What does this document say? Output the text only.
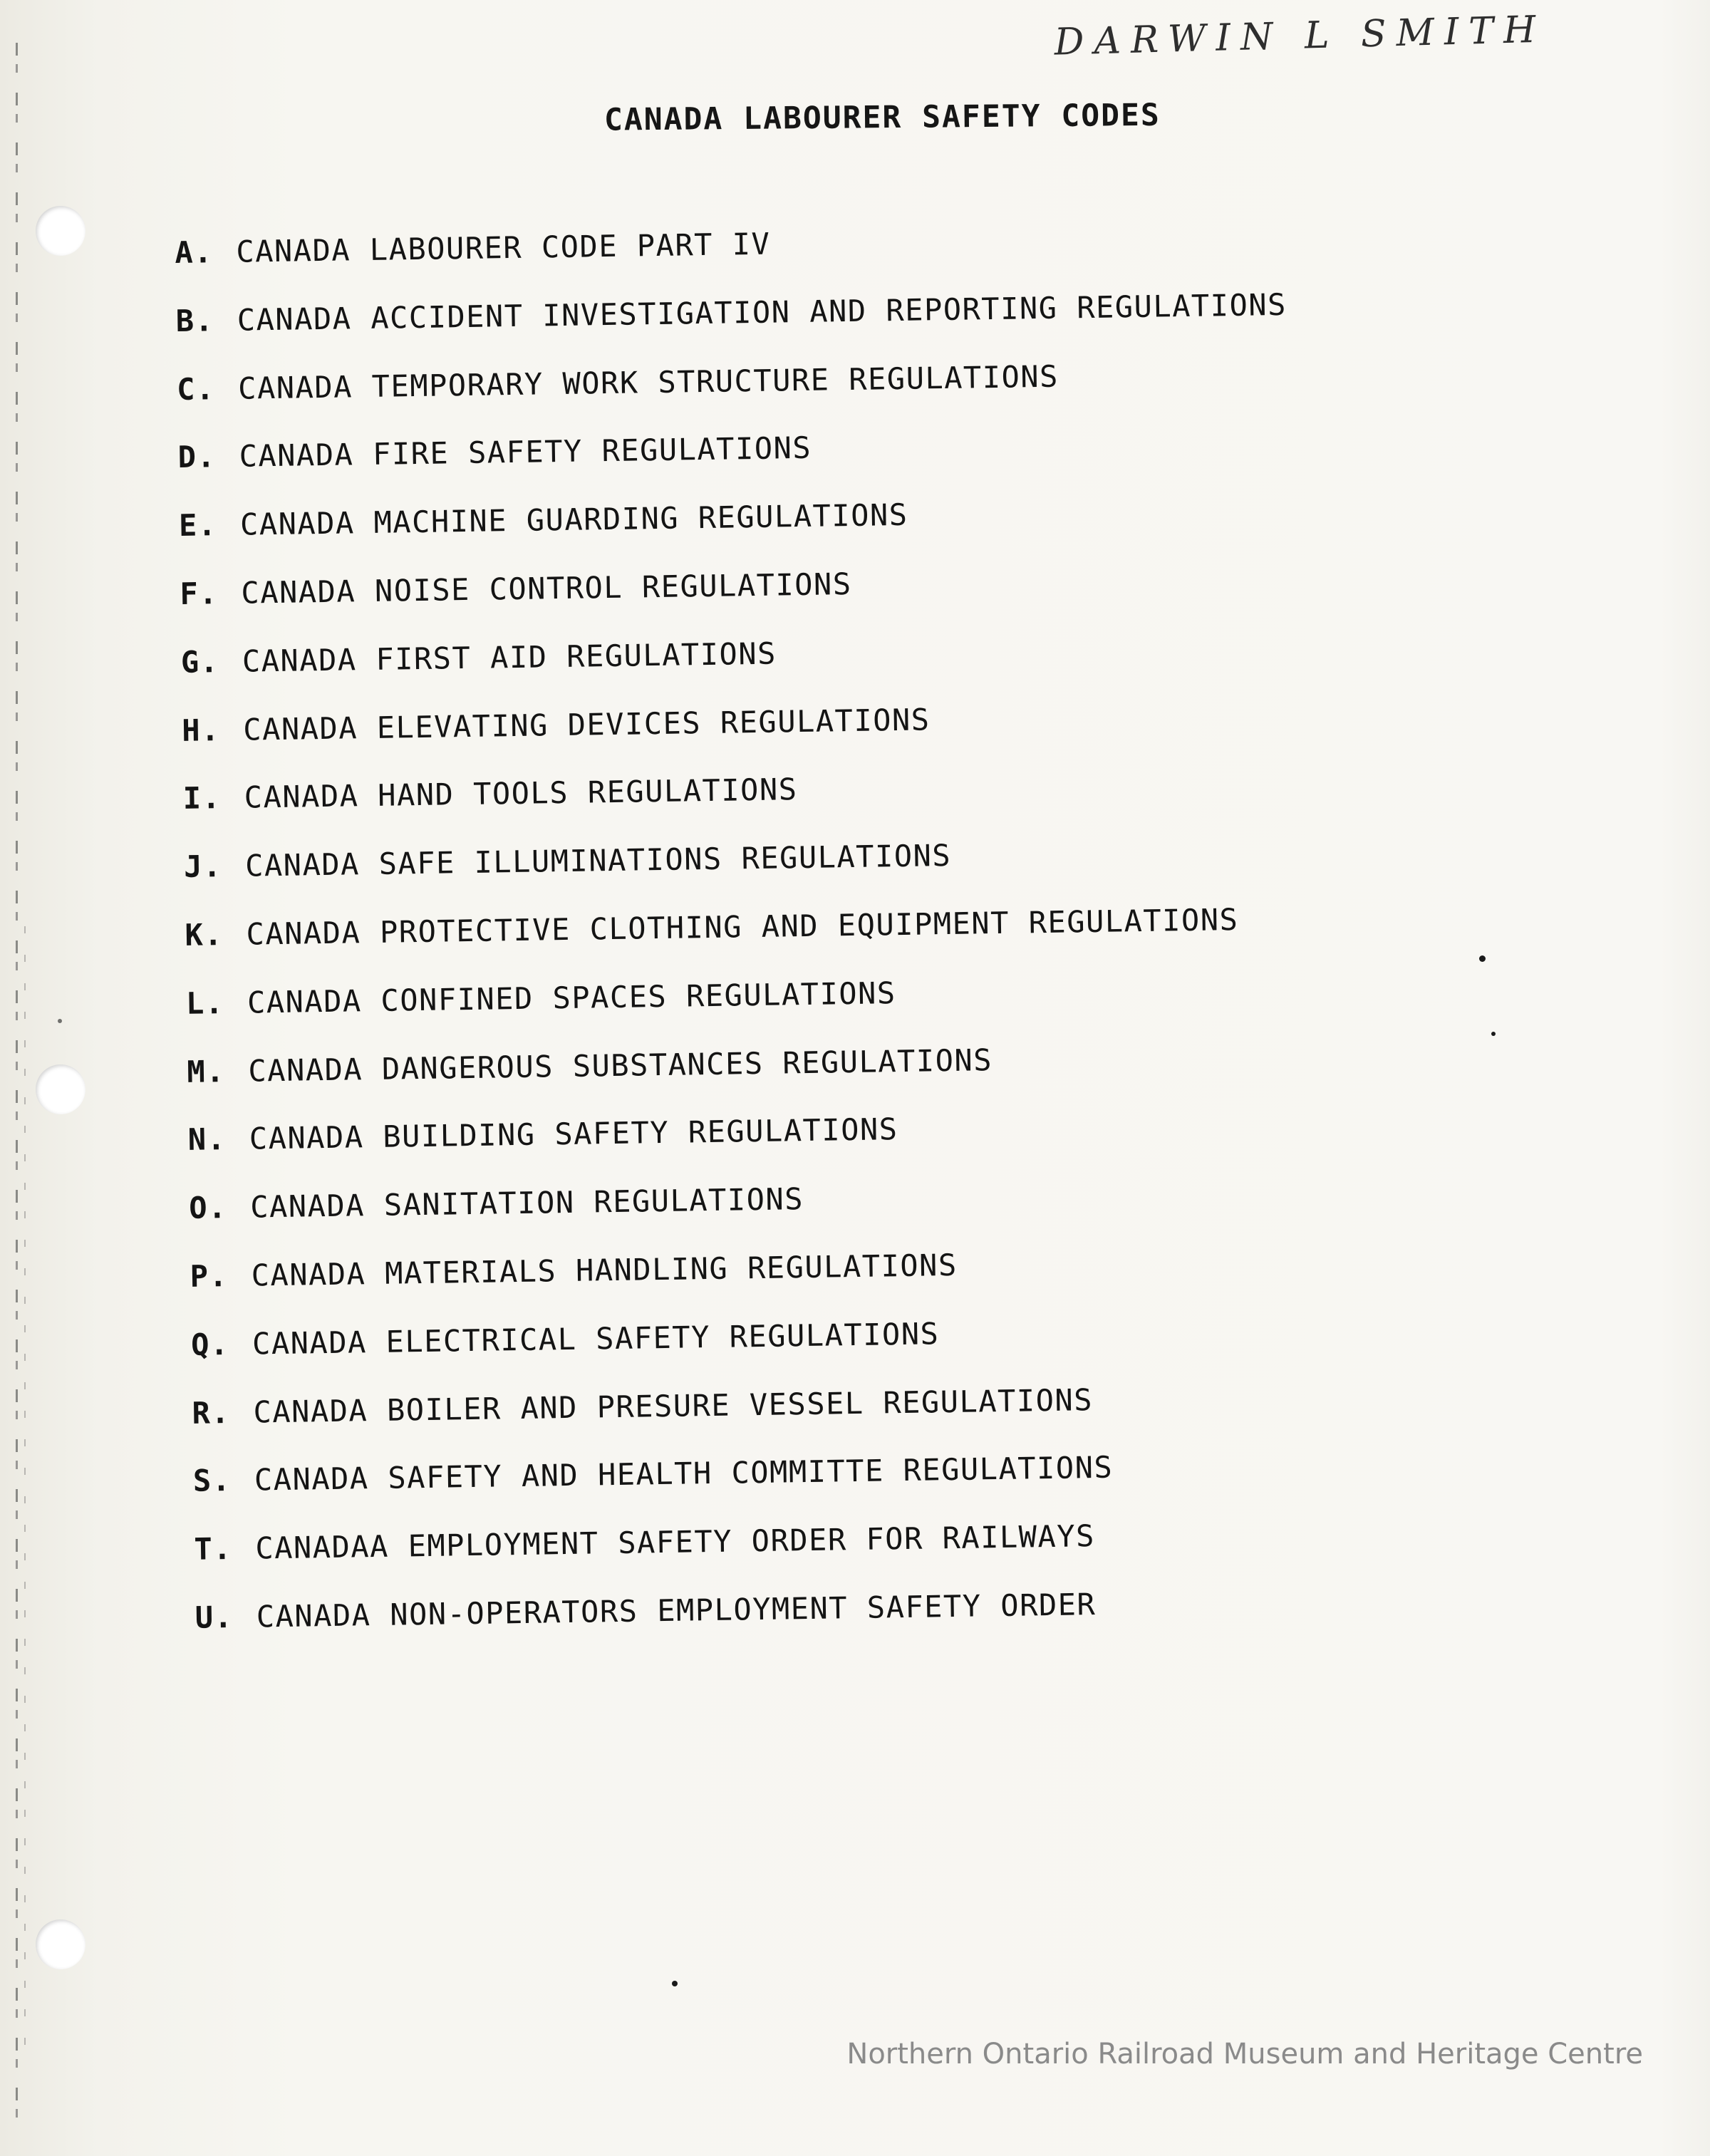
DARWIN L SMITH
CANADA LABOURER SAFETY CODES
A. CANADA LABOURER CODE PART IV
B. CANADA ACCIDENT INVESTIGATION AND REPORTING REGULATIONS
C. CANADA TEMPORARY WORK STRUCTURE REGULATIONS
D. CANADA FIRE SAFETY REGULATIONS
E. CANADA MACHINE GUARDING REGULATIONS
F. CANADA NOISE CONTROL REGULATIONS
G. CANADA FIRST AID REGULATIONS
H. CANADA ELEVATING DEVICES REGULATIONS
I. CANADA HAND TOOLS REGULATIONS
J. CANADA SAFE ILLUMINATIONS REGULATIONS
K. CANADA PROTECTIVE CLOTHING AND EQUIPMENT REGULATIONS
L. CANADA CONFINED SPACES REGULATIONS
M. CANADA DANGEROUS SUBSTANCES REGULATIONS
N. CANADA BUILDING SAFETY REGULATIONS
O. CANADA SANITATION REGULATIONS
P. CANADA MATERIALS HANDLING REGULATIONS
Q. CANADA ELECTRICAL SAFETY REGULATIONS
R. CANADA BOILER AND PRESURE VESSEL REGULATIONS
S. CANADA SAFETY AND HEALTH COMMITTE REGULATIONS
T. CANADAA EMPLOYMENT SAFETY ORDER FOR RAILWAYS
U. CANADA NON-OPERATORS EMPLOYMENT SAFETY ORDER
Northern Ontario Railroad Museum and Heritage Centre
